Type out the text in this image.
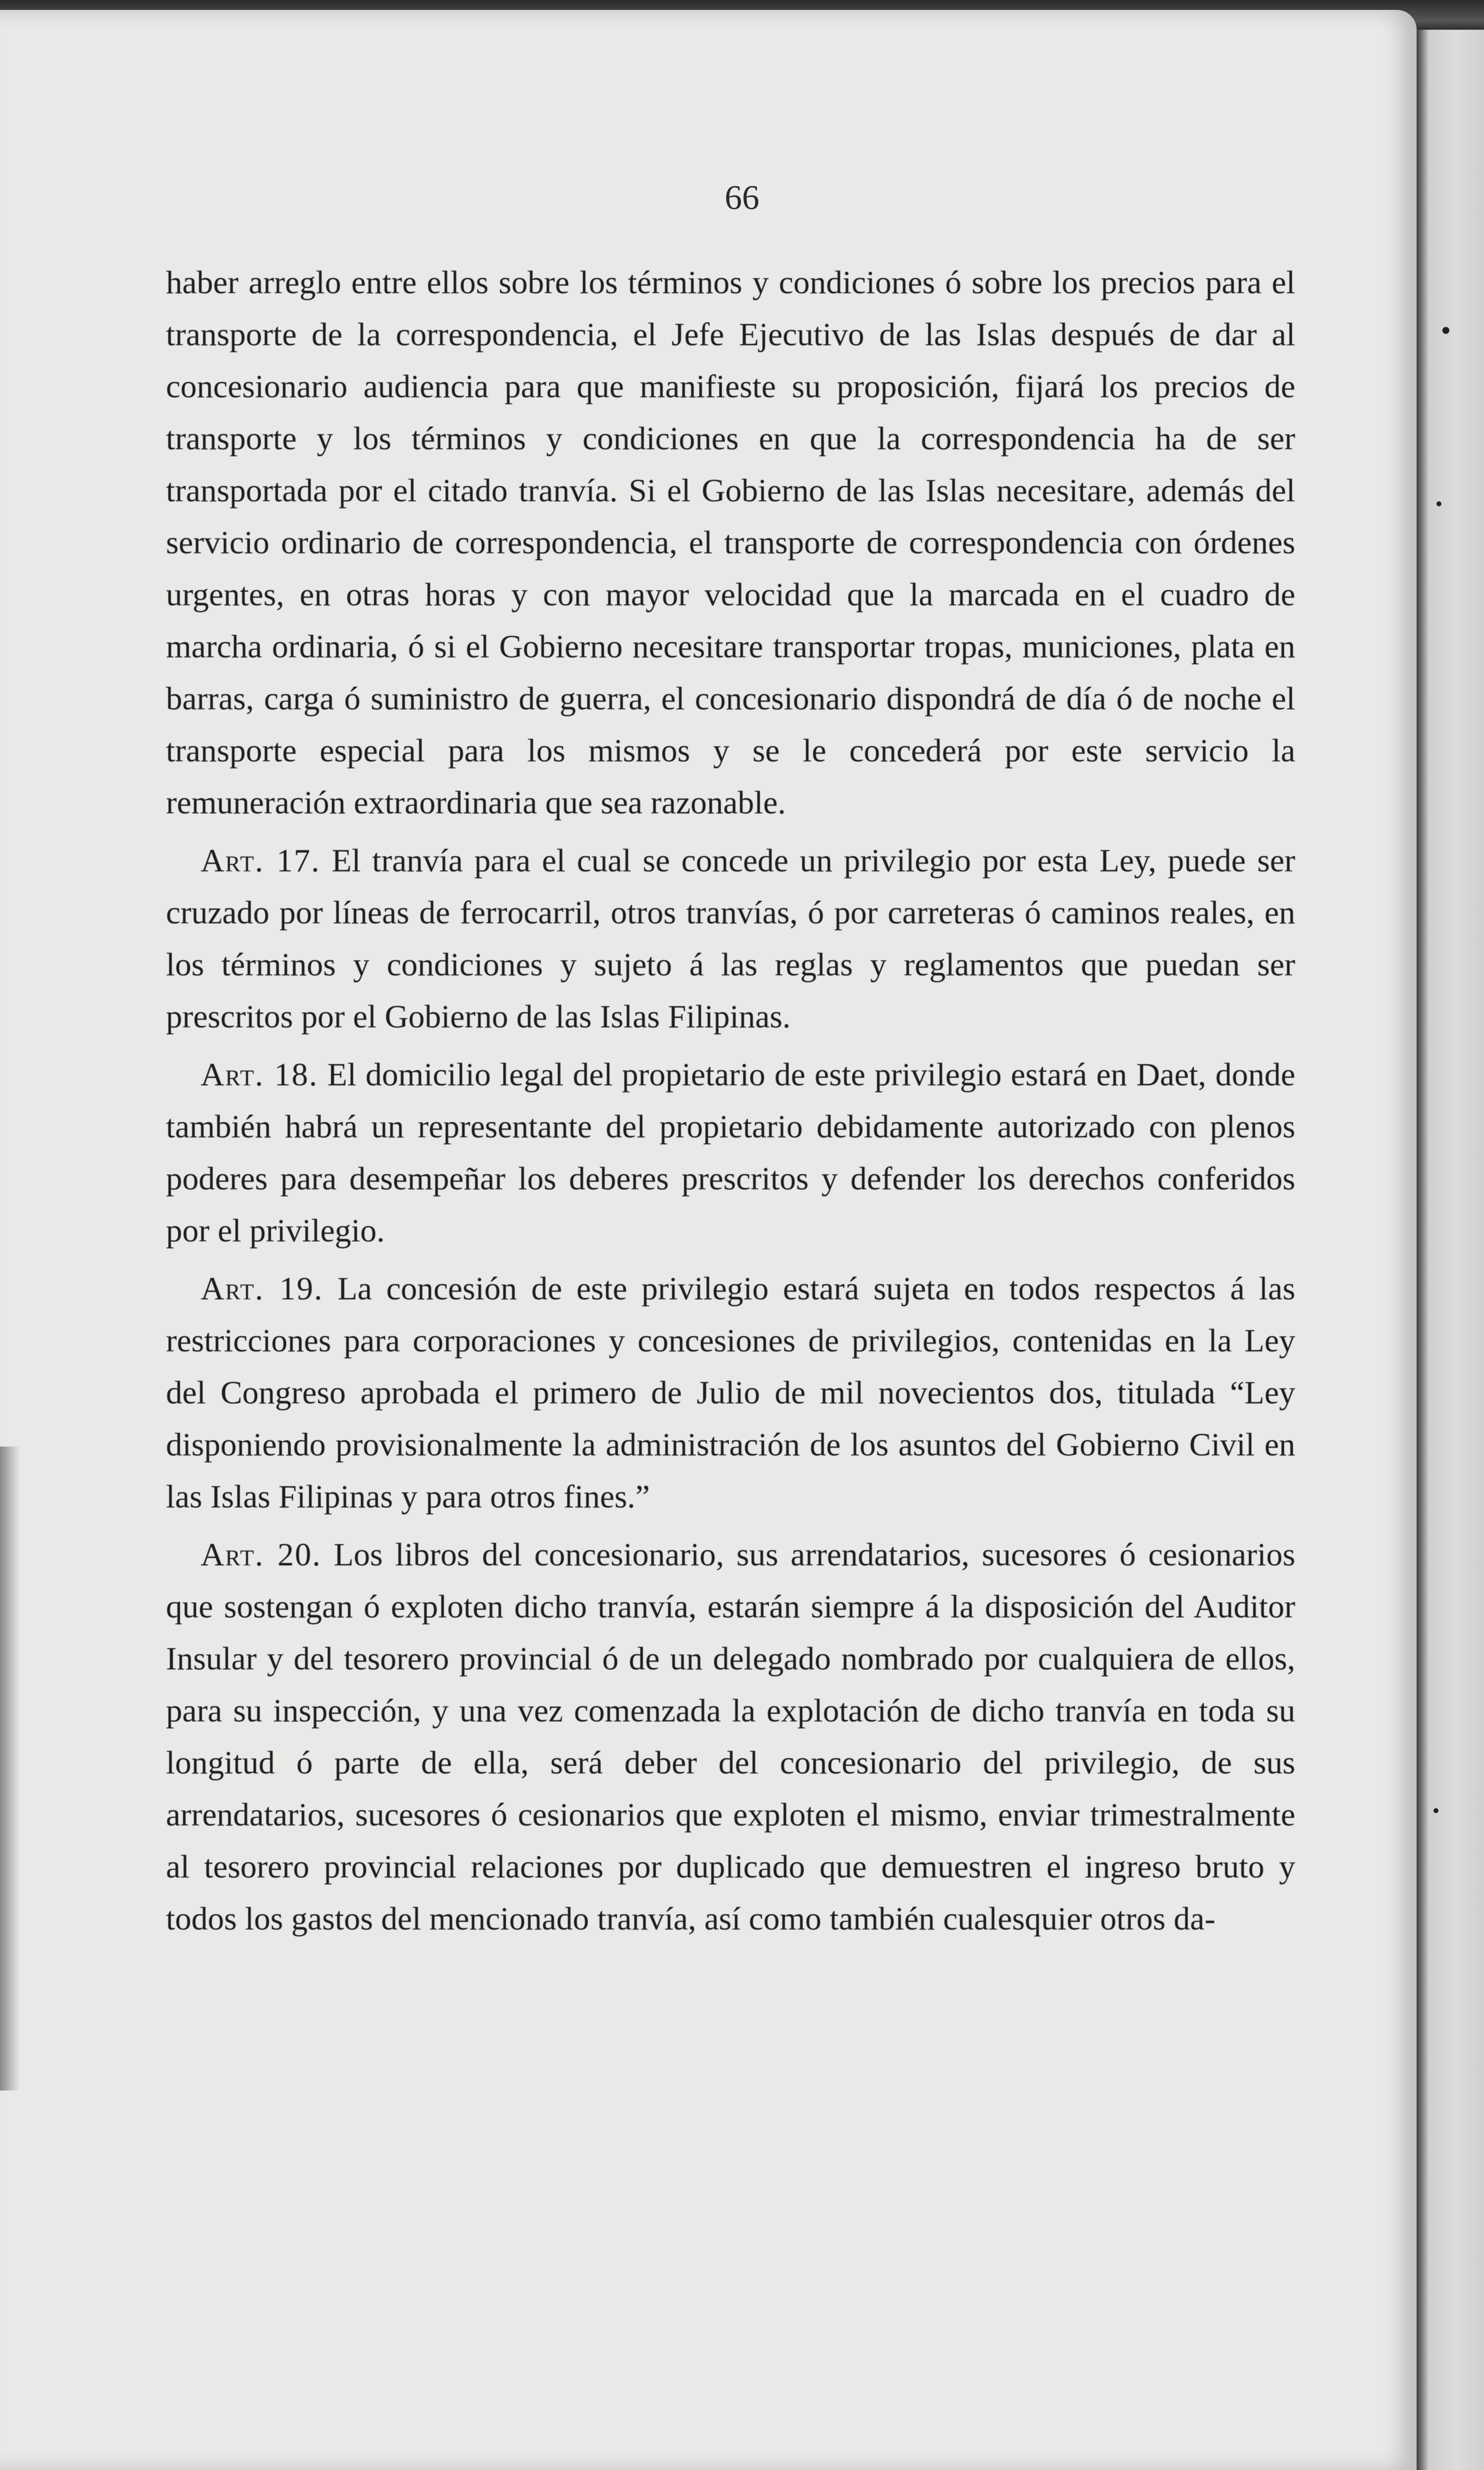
66

haber arreglo entre ellos sobre los términos y condiciones ó sobre los precios para el transporte de la correspondencia, el Jefe Ejecutivo de las Islas después de dar al concesionario audiencia para que manifieste su proposición, fijará los precios de transporte y los términos y condiciones en que la correspondencia ha de ser transportada por el citado tranvía. Si el Gobierno de las Islas necesitare, además del servicio ordinario de correspondencia, el transporte de correspondencia con órdenes urgentes, en otras horas y con mayor velocidad que la marcada en el cuadro de marcha ordinaria, ó si el Gobierno necesitare transportar tropas, municiones, plata en barras, carga ó suministro de guerra, el concesionario dispondrá de día ó de noche el transporte especial para los mismos y se le concederá por este servicio la remuneración extraordinaria que sea razonable.

Art. 17. El tranvía para el cual se concede un privilegio por esta Ley, puede ser cruzado por líneas de ferrocarril, otros tranvías, ó por carreteras ó caminos reales, en los términos y condiciones y sujeto á las reglas y reglamentos que puedan ser prescritos por el Gobierno de las Islas Filipinas.

Art. 18. El domicilio legal del propietario de este privilegio estará en Daet, donde también habrá un representante del propietario debidamente autorizado con plenos poderes para desempeñar los deberes prescritos y defender los derechos conferidos por el privilegio.

Art. 19. La concesión de este privilegio estará sujeta en todos respectos á las restricciones para corporaciones y concesiones de privilegios, contenidas en la Ley del Congreso aprobada el primero de Julio de mil novecientos dos, titulada “Ley disponiendo provisionalmente la administración de los asuntos del Gobierno Civil en las Islas Filipinas y para otros fines.”

Art. 20. Los libros del concesionario, sus arrendatarios, sucesores ó cesionarios que sostengan ó exploten dicho tranvía, estarán siempre á la disposición del Auditor Insular y del tesorero provincial ó de un delegado nombrado por cualquiera de ellos, para su inspección, y una vez comenzada la explotación de dicho tranvía en toda su longitud ó parte de ella, será deber del concesionario del privilegio, de sus arrendatarios, sucesores ó cesionarios que exploten el mismo, enviar trimestralmente al tesorero provincial relaciones por duplicado que demuestren el ingreso bruto y todos los gastos del mencionado tranvía, así como también cualesquier otros da-
